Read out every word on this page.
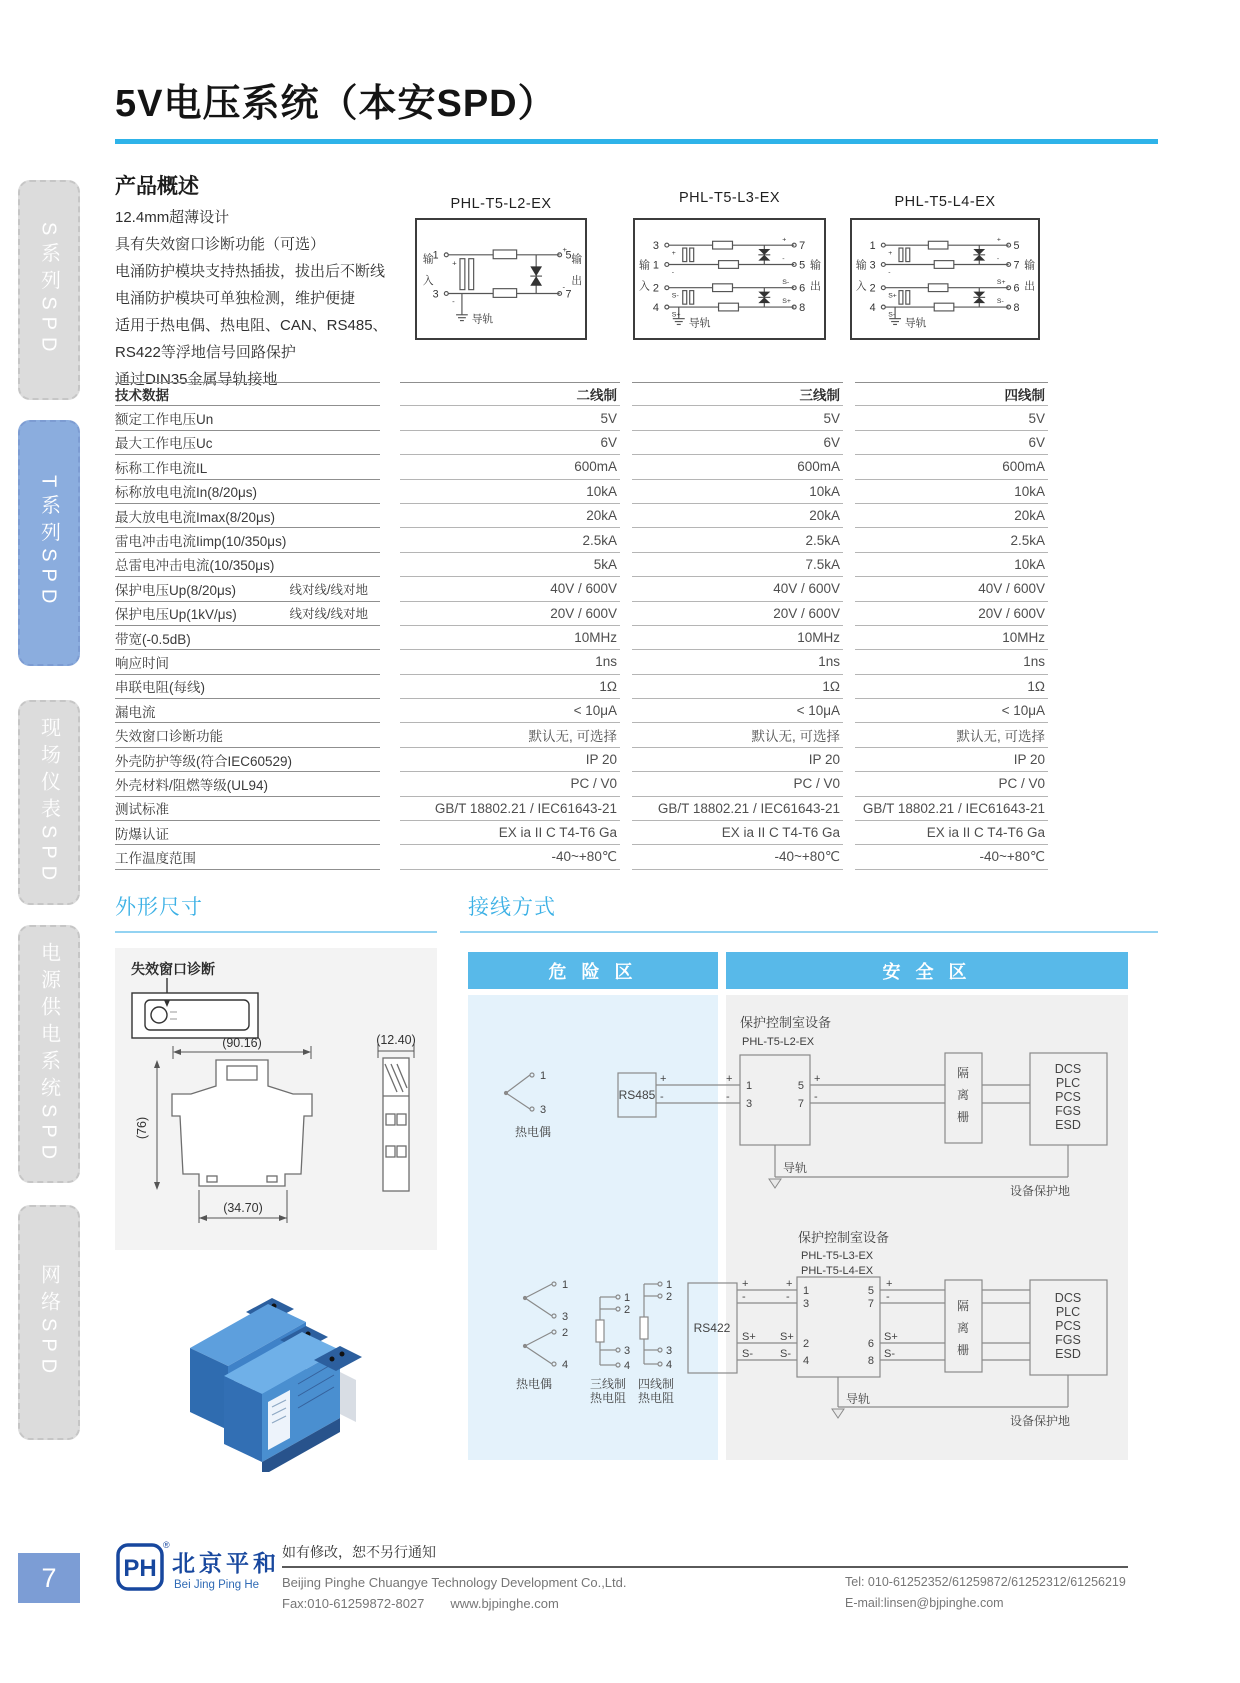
S系列SPD
T系列SPD
现场仪表SPD
电源供电系统SPD
网络SPD
5V电压系统（本安SPD）
产品概述
12.4mm超薄设计
具有失效窗口诊断功能（可选）
电涌防护模块支持热插拔，拔出后不断线
电涌防护模块可单独检测，维护便捷
适用于热电偶、热电阻、CAN、RS485、
RS422等浮地信号回路保护
通过DIN35金属导轨接地
PHL-T5-L2-EX	PHL-T5-L3-EX	PHL-T5-L4-EX
输
入
输
出
1
3
+
-
+
-
5
7
导轨
输
入
输
出
3
1
2
4
+
-
S-
S+
7
5
6
8
+
-
S-
S+
导轨
输
入
输
出
1
3
2
4
+
-
S+
S-
5
7
6
8
+
-
S+
S-
导轨
技术数据	二线制	三线制	四线制
额定工作电压Un	5V	5V	5V
最大工作电压Uc	6V	6V	6V
标称工作电流IL	600mA	600mA	600mA
标称放电电流In(8/20μs)	10kA	10kA	10kA
最大放电电流Imax(8/20μs)	20kA	20kA	20kA
雷电冲击电流Iimp(10/350μs)	2.5kA	2.5kA	2.5kA
总雷电冲击电流(10/350μs)	5kA	7.5kA	10kA
保护电压Up(8/20μs)	线对线/线对地	40V / 600V	40V / 600V	40V / 600V
保护电压Up(1kV/μs)	线对线/线对地	20V / 600V	20V / 600V	20V / 600V
带宽(-0.5dB)	10MHz	10MHz	10MHz
响应时间	1ns	1ns	1ns
串联电阻(每线)	1Ω	1Ω	1Ω
漏电流	< 10μA	< 10μA	< 10μA
失效窗口诊断功能	默认无, 可选择	默认无, 可选择	默认无, 可选择
外壳防护等级(符合IEC60529)	IP 20	IP 20	IP 20
外壳材料/阻燃等级(UL94)	PC / V0	PC / V0	PC / V0
测试标准	GB/T 18802.21 / IEC61643-21	GB/T 18802.21 / IEC61643-21	GB/T 18802.21 / IEC61643-21
防爆认证	EX ia II C T4-T6 Ga	EX ia II C T4-T6 Ga	EX ia II C T4-T6 Ga
工作温度范围	-40~+80℃	-40~+80℃	-40~+80℃
外形尺寸
失效窗口诊断
(90.16)
(76)
(34.70)
(12.40)
接线方式
危 险 区	安 全 区
1
3
热电偶
RS485
+
-
+
-
1
3
5
7
+
-
保护控制室设备
PHL-T5-L2-EX
隔
离
栅
DCS
PLC
PCS
FGS
ESD
导轨
设备保护地
1
3
2
4
1
2
3
4
1
2
3
4
热电偶	三线制
热电阻
四线制
热电阻
RS422
+
-
S+
S-
+
-
S+
S-
1
3
2
4
5
7
6
8
+
-
S+
S-
保护控制室设备
PHL-T5-L3-EX
PHL-T5-L4-EX
隔
离
栅
DCS
PLC
PCS
FGS
ESD
导轨
设备保护地
7	PH
®
北京平和
Bei Jing Ping He
如有修改，恕不另行通知
Beijing Pinghe Chuangye Technology Development Co.,Ltd.
Fax:010-61259872-8027 www.bjpinghe.com
Tel: 010-61252352/61259872/61252312/61256219
E-mail:linsen@bjpinghe.com
